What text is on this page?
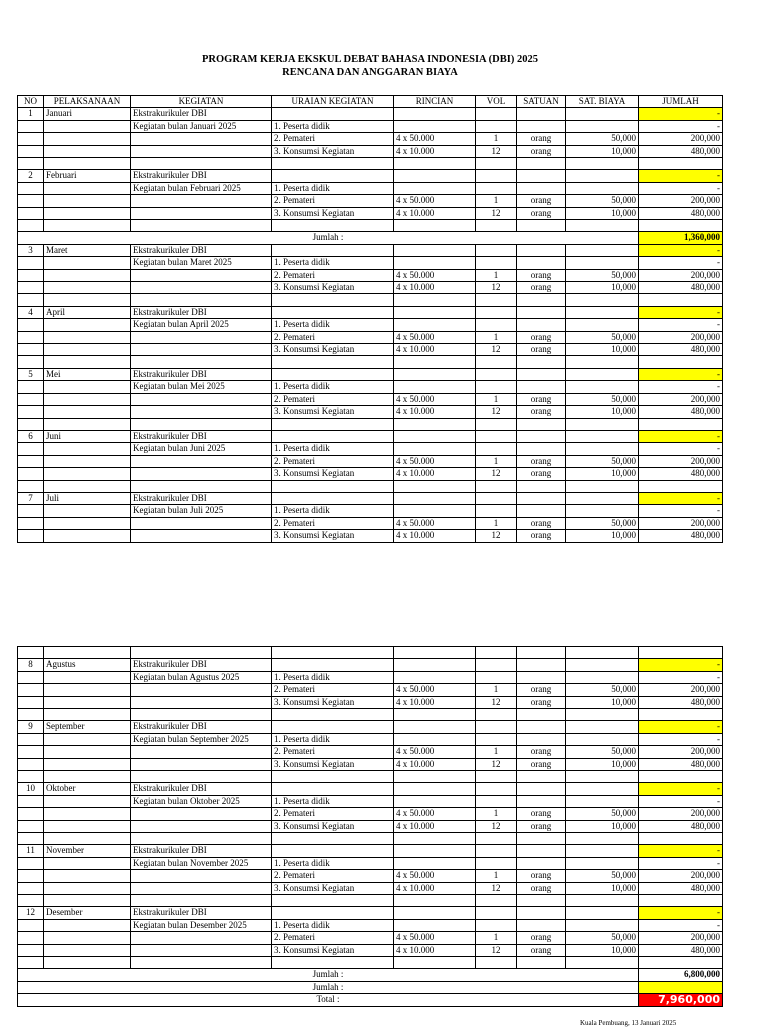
PROGRAM KERJA EKSKUL DEBAT BAHASA INDONESIA (DBI) 2025
RENCANA DAN ANGGARAN BIAYA
NO	PELAKSANAAN	KEGIATAN	URAIAN KEGIATAN	RINCIAN	VOL	SATUAN	SAT. BIAYA	JUMLAH
1	Januari	Ekstrakurikuler DBI						-
		Kegiatan bulan Januari 2025	1. Peserta didik					-
			2. Pemateri	4 x 50.000	1	orang	50,000	200,000
			3. Konsumsi Kegiatan	4 x 10.000	12	orang	10,000	480,000

2	Februari	Ekstrakurikuler DBI						-
		Kegiatan bulan Februari 2025	1. Peserta didik					-
			2. Pemateri	4 x 50.000	1	orang	50,000	200,000
			3. Konsumsi Kegiatan	4 x 10.000	12	orang	10,000	480,000

Jumlah :								1,360,000
3	Maret	Ekstrakurikuler DBI						-
		Kegiatan bulan Maret 2025	1. Peserta didik					-
			2. Pemateri	4 x 50.000	1	orang	50,000	200,000
			3. Konsumsi Kegiatan	4 x 10.000	12	orang	10,000	480,000

4	April	Ekstrakurikuler DBI						-
		Kegiatan bulan April 2025	1. Peserta didik					-
			2. Pemateri	4 x 50.000	1	orang	50,000	200,000
			3. Konsumsi Kegiatan	4 x 10.000	12	orang	10,000	480,000

5	Mei	Ekstrakurikuler DBI						-
		Kegiatan bulan Mei 2025	1. Peserta didik					-
			2. Pemateri	4 x 50.000	1	orang	50,000	200,000
			3. Konsumsi Kegiatan	4 x 10.000	12	orang	10,000	480,000

6	Juni	Ekstrakurikuler DBI						-
		Kegiatan bulan Juni 2025	1. Peserta didik					-
			2. Pemateri	4 x 50.000	1	orang	50,000	200,000
			3. Konsumsi Kegiatan	4 x 10.000	12	orang	10,000	480,000

7	Juli	Ekstrakurikuler DBI						-
		Kegiatan bulan Juli 2025	1. Peserta didik					-
			2. Pemateri	4 x 50.000	1	orang	50,000	200,000
			3. Konsumsi Kegiatan	4 x 10.000	12	orang	10,000	480,000

8	Agustus	Ekstrakurikuler DBI						-
		Kegiatan bulan Agustus 2025	1. Peserta didik					-
			2. Pemateri	4 x 50.000	1	orang	50,000	200,000
			3. Konsumsi Kegiatan	4 x 10.000	12	orang	10,000	480,000

9	September	Ekstrakurikuler DBI						-
		Kegiatan bulan September 2025	1. Peserta didik					-
			2. Pemateri	4 x 50.000	1	orang	50,000	200,000
			3. Konsumsi Kegiatan	4 x 10.000	12	orang	10,000	480,000

10	Oktober	Ekstrakurikuler DBI						-
		Kegiatan bulan Oktober 2025	1. Peserta didik					-
			2. Pemateri	4 x 50.000	1	orang	50,000	200,000
			3. Konsumsi Kegiatan	4 x 10.000	12	orang	10,000	480,000

11	November	Ekstrakurikuler DBI						-
		Kegiatan bulan November 2025	1. Peserta didik					-
			2. Pemateri	4 x 50.000	1	orang	50,000	200,000
			3. Konsumsi Kegiatan	4 x 10.000	12	orang	10,000	480,000

12	Desember	Ekstrakurikuler DBI						-
		Kegiatan bulan Desember 2025	1. Peserta didik					-
			2. Pemateri	4 x 50.000	1	orang	50,000	200,000
			3. Konsumsi Kegiatan	4 x 10.000	12	orang	10,000	480,000

Jumlah :								6,800,000
Jumlah :								
Total :								7,960,000
Kuala Pembuang, 13 Januari 2025
